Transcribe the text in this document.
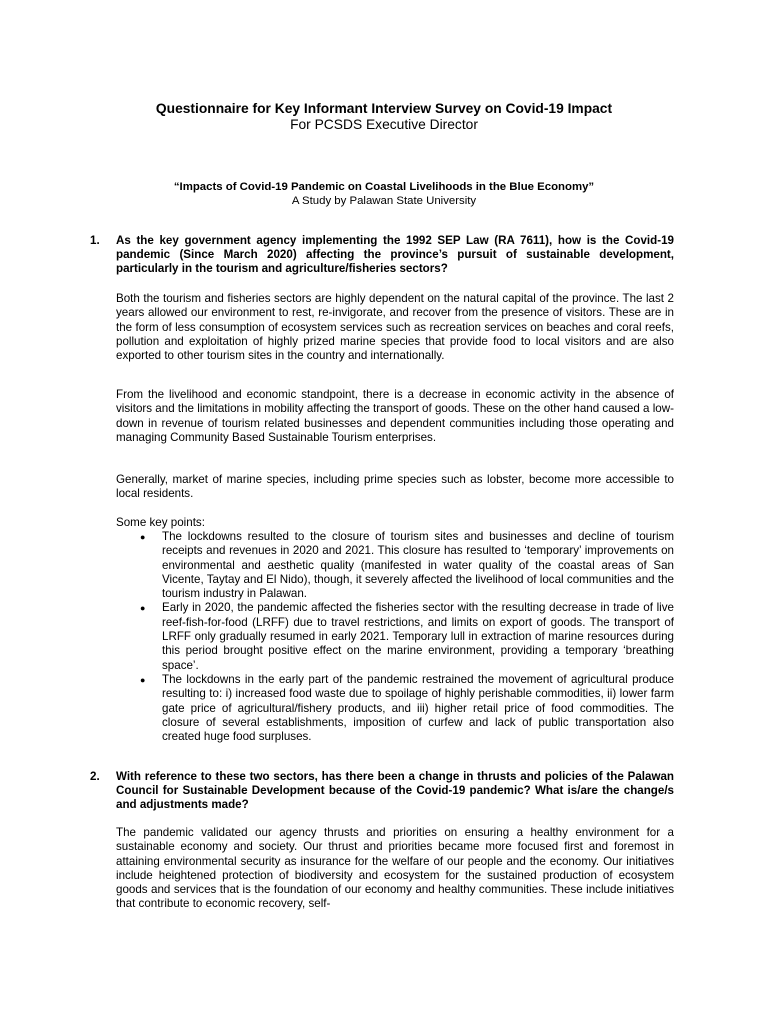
Questionnaire for Key Informant Interview Survey on Covid-19 Impact
For PCSDS Executive Director
“Impacts of Covid-19 Pandemic on Coastal Livelihoods in the Blue Economy”
A Study by Palawan State University
1. As the key government agency implementing the 1992 SEP Law (RA 7611), how is the Covid-19 pandemic (Since March 2020) affecting the province’s pursuit of sustainable development, particularly in the tourism and agriculture/fisheries sectors?

Both the tourism and fisheries sectors are highly dependent on the natural capital of the province. The last 2 years allowed our environment to rest, re-invigorate, and recover from the presence of visitors. These are in the form of less consumption of ecosystem services such as recreation services on beaches and coral reefs, pollution and exploitation of highly prized marine species that provide food to local visitors and are also exported to other tourism sites in the country and internationally.

From the livelihood and economic standpoint, there is a decrease in economic activity in the absence of visitors and the limitations in mobility affecting the transport of goods. These on the other hand caused a low-down in revenue of tourism related businesses and dependent communities including those operating and managing Community Based Sustainable Tourism enterprises.

Generally, market of marine species, including prime species such as lobster, become more accessible to local residents.

Some key points:
● The lockdowns resulted to the closure of tourism sites and businesses and decline of tourism receipts and revenues in 2020 and 2021. This closure has resulted to ‘temporary’ improvements on environmental and aesthetic quality (manifested in water quality of the coastal areas of San Vicente, Taytay and El Nido), though, it severely affected the livelihood of local communities and the tourism industry in Palawan.
● Early in 2020, the pandemic affected the fisheries sector with the resulting decrease in trade of live reef-fish-for-food (LRFF) due to travel restrictions, and limits on export of goods. The transport of LRFF only gradually resumed in early 2021. Temporary lull in extraction of marine resources during this period brought positive effect on the marine environment, providing a temporary ‘breathing space’.
● The lockdowns in the early part of the pandemic restrained the movement of agricultural produce resulting to: i) increased food waste due to spoilage of highly perishable commodities, ii) lower farm gate price of agricultural/fishery products, and iii) higher retail price of food commodities. The closure of several establishments, imposition of curfew and lack of public transportation also created huge food surpluses.
2. With reference to these two sectors, has there been a change in thrusts and policies of the Palawan Council for Sustainable Development because of the Covid-19 pandemic? What is/are the change/s and adjustments made?

The pandemic validated our agency thrusts and priorities on ensuring a healthy environment for a sustainable economy and society. Our thrust and priorities became more focused first and foremost in attaining environmental security as insurance for the welfare of our people and the economy. Our initiatives include heightened protection of biodiversity and ecosystem for the sustained production of ecosystem goods and services that is the foundation of our economy and healthy communities. These include initiatives that contribute to economic recovery, self-
